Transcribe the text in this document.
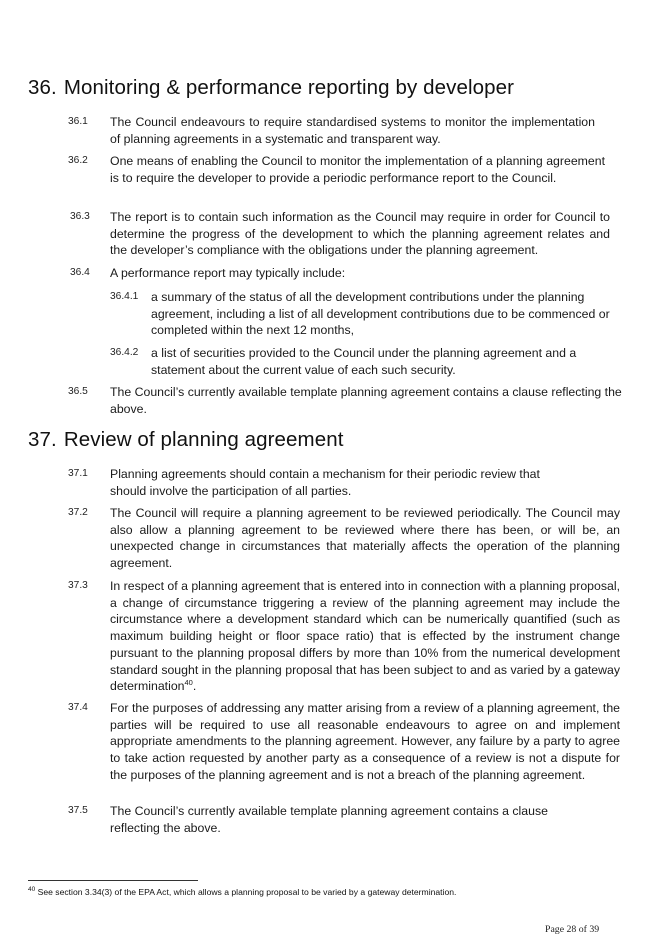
36. Monitoring & performance reporting by developer
36.1 The Council endeavours to require standardised systems to monitor the implementation of planning agreements in a systematic and transparent way.
36.2 One means of enabling the Council to monitor the implementation of a planning agreement is to require the developer to provide a periodic performance report to the Council.
36.3 The report is to contain such information as the Council may require in order for Council to determine the progress of the development to which the planning agreement relates and the developer’s compliance with the obligations under the planning agreement.
36.4 A performance report may typically include:
36.4.1 a summary of the status of all the development contributions under the planning agreement, including a list of all development contributions due to be commenced or completed within the next 12 months,
36.4.2 a list of securities provided to the Council under the planning agreement and a statement about the current value of each such security.
36.5 The Council’s currently available template planning agreement contains a clause reflecting the above.
37. Review of planning agreement
37.1 Planning agreements should contain a mechanism for their periodic review that should involve the participation of all parties.
37.2 The Council will require a planning agreement to be reviewed periodically. The Council may also allow a planning agreement to be reviewed where there has been, or will be, an unexpected change in circumstances that materially affects the operation of the planning agreement.
37.3 In respect of a planning agreement that is entered into in connection with a planning proposal, a change of circumstance triggering a review of the planning agreement may include the circumstance where a development standard which can be numerically quantified (such as maximum building height or floor space ratio) that is effected by the instrument change pursuant to the planning proposal differs by more than 10% from the numerical development standard sought in the planning proposal that has been subject to and as varied by a gateway determination$^{40}$.
37.4 For the purposes of addressing any matter arising from a review of a planning agreement, the parties will be required to use all reasonable endeavours to agree on and implement appropriate amendments to the planning agreement. However, any failure by a party to agree to take action requested by another party as a consequence of a review is not a dispute for the purposes of the planning agreement and is not a breach of the planning agreement.
37.5 The Council’s currently available template planning agreement contains a clause reflecting the above.
$^{40}$ See section 3.34(3) of the EPA Act, which allows a planning proposal to be varied by a gateway determination.
Page 28 of 39
